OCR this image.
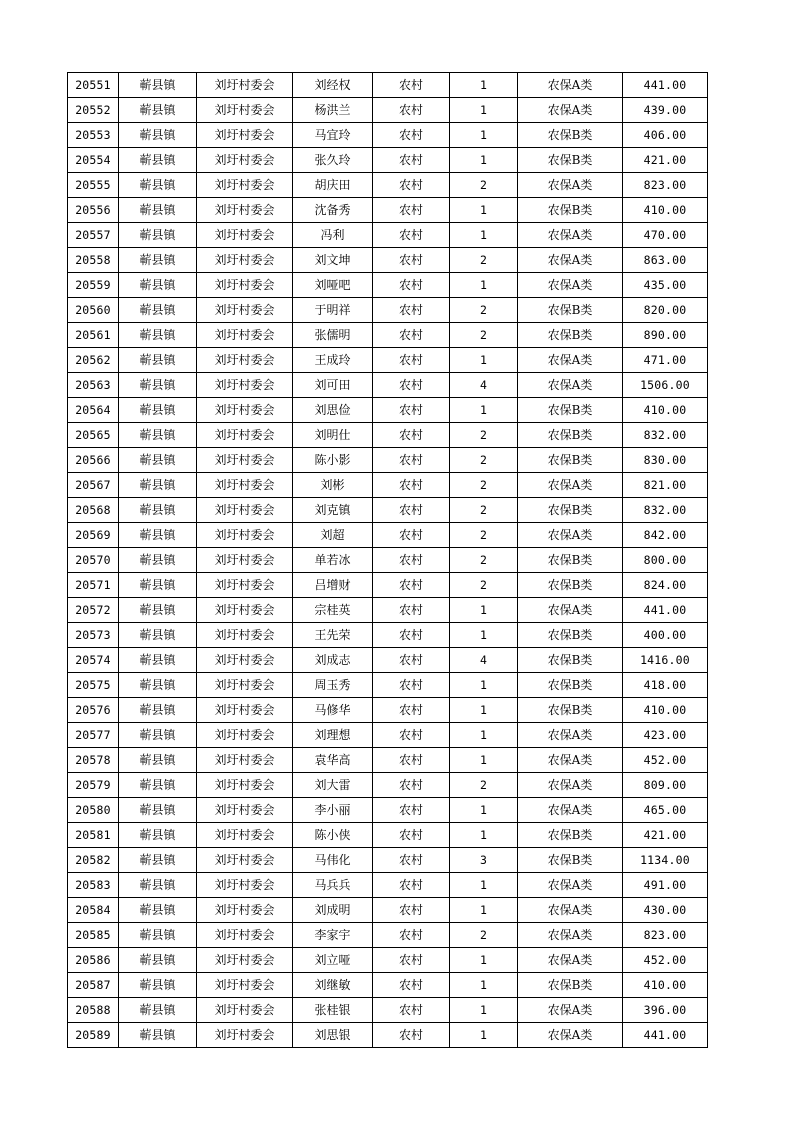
20551	蕲县镇	刘圩村委会	刘经权	农村	1	农保A类	441.00
20552	蕲县镇	刘圩村委会	杨洪兰	农村	1	农保A类	439.00
20553	蕲县镇	刘圩村委会	马宜玲	农村	1	农保B类	406.00
20554	蕲县镇	刘圩村委会	张久玲	农村	1	农保B类	421.00
20555	蕲县镇	刘圩村委会	胡庆田	农村	2	农保A类	823.00
20556	蕲县镇	刘圩村委会	沈备秀	农村	1	农保B类	410.00
20557	蕲县镇	刘圩村委会	冯利	农村	1	农保A类	470.00
20558	蕲县镇	刘圩村委会	刘文坤	农村	2	农保A类	863.00
20559	蕲县镇	刘圩村委会	刘哑吧	农村	1	农保A类	435.00
20560	蕲县镇	刘圩村委会	于明祥	农村	2	农保B类	820.00
20561	蕲县镇	刘圩村委会	张儒明	农村	2	农保B类	890.00
20562	蕲县镇	刘圩村委会	王成玲	农村	1	农保A类	471.00
20563	蕲县镇	刘圩村委会	刘可田	农村	4	农保A类	1506.00
20564	蕲县镇	刘圩村委会	刘思俭	农村	1	农保B类	410.00
20565	蕲县镇	刘圩村委会	刘明仕	农村	2	农保B类	832.00
20566	蕲县镇	刘圩村委会	陈小影	农村	2	农保B类	830.00
20567	蕲县镇	刘圩村委会	刘彬	农村	2	农保A类	821.00
20568	蕲县镇	刘圩村委会	刘克镇	农村	2	农保B类	832.00
20569	蕲县镇	刘圩村委会	刘超	农村	2	农保A类	842.00
20570	蕲县镇	刘圩村委会	单若冰	农村	2	农保B类	800.00
20571	蕲县镇	刘圩村委会	吕增财	农村	2	农保B类	824.00
20572	蕲县镇	刘圩村委会	宗桂英	农村	1	农保A类	441.00
20573	蕲县镇	刘圩村委会	王先荣	农村	1	农保B类	400.00
20574	蕲县镇	刘圩村委会	刘成志	农村	4	农保B类	1416.00
20575	蕲县镇	刘圩村委会	周玉秀	农村	1	农保B类	418.00
20576	蕲县镇	刘圩村委会	马修华	农村	1	农保B类	410.00
20577	蕲县镇	刘圩村委会	刘理想	农村	1	农保A类	423.00
20578	蕲县镇	刘圩村委会	袁华高	农村	1	农保A类	452.00
20579	蕲县镇	刘圩村委会	刘大雷	农村	2	农保A类	809.00
20580	蕲县镇	刘圩村委会	李小丽	农村	1	农保A类	465.00
20581	蕲县镇	刘圩村委会	陈小侠	农村	1	农保B类	421.00
20582	蕲县镇	刘圩村委会	马伟化	农村	3	农保B类	1134.00
20583	蕲县镇	刘圩村委会	马兵兵	农村	1	农保A类	491.00
20584	蕲县镇	刘圩村委会	刘成明	农村	1	农保A类	430.00
20585	蕲县镇	刘圩村委会	李家宇	农村	2	农保A类	823.00
20586	蕲县镇	刘圩村委会	刘立哑	农村	1	农保A类	452.00
20587	蕲县镇	刘圩村委会	刘继敏	农村	1	农保B类	410.00
20588	蕲县镇	刘圩村委会	张桂银	农村	1	农保A类	396.00
20589	蕲县镇	刘圩村委会	刘思银	农村	1	农保A类	441.00
